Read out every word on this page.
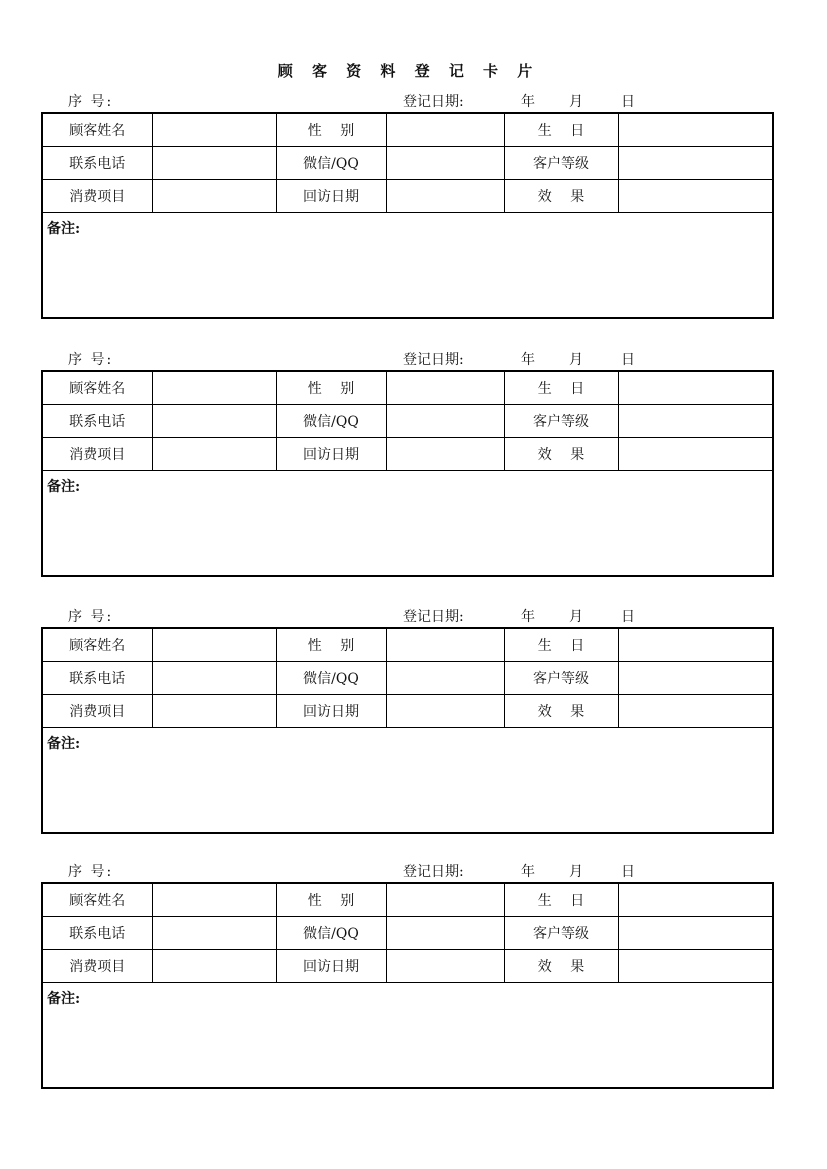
顾 客 资 料 登 记 卡 片
序 号:	登记日期:	年 月	日
顾客姓名		性　 别		生　 日	
联系电话		微信/QQ		客户等级	
消费项目		回访日期		效　 果	
备注:
序 号:	登记日期:	年 月	日
顾客姓名		性　 别		生　 日	
联系电话		微信/QQ		客户等级	
消费项目		回访日期		效　 果	
备注:
序 号:	登记日期:	年 月	日
顾客姓名		性　 别		生　 日	
联系电话		微信/QQ		客户等级	
消费项目		回访日期		效　 果	
备注:
序 号:	登记日期:	年 月	日
顾客姓名		性　 别		生　 日	
联系电话		微信/QQ		客户等级	
消费项目		回访日期		效　 果	
备注:
